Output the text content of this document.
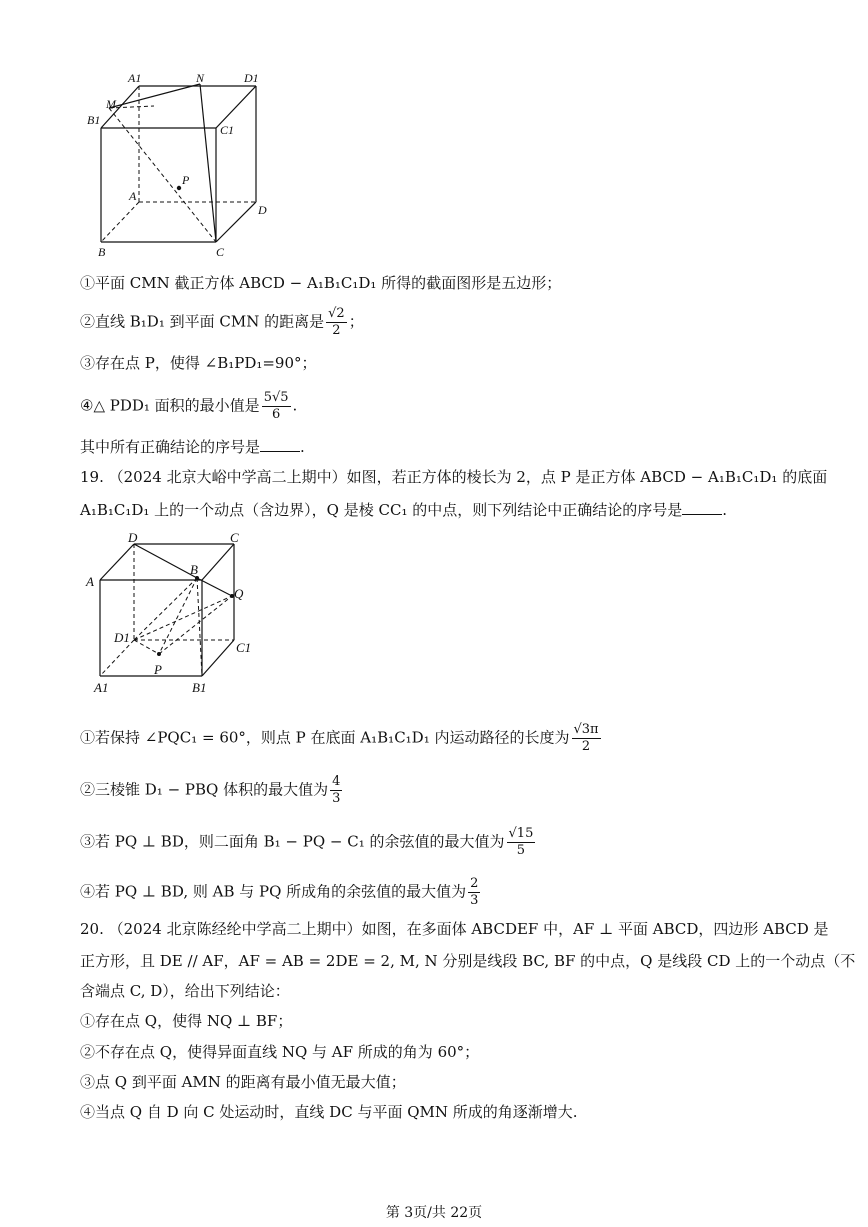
A1	N	D1
M
B1
C1
P
A
D
B	C
①平面 CMN 截正方体 ABCD − A₁B₁C₁D₁ 所得的截面图形是五边形；
②直线 B₁D₁ 到平面 CMN 的距离是 $\frac{√2}{2}$ ；
③存在点 P，使得 ∠B₁PD₁=90°；
④△ PDD₁ 面积的最小值是 $\frac{5√5}{6}$ .
其中所有正确结论的序号是	.
19. （2024 北京大峪中学高二上期中）如图，若正方体的棱长为 2，点 P 是正方体 ABCD − A₁B₁C₁D₁ 的底面
A₁B₁C₁D₁ 上的一个动点（含边界），Q 是棱 CC₁ 的中点，则下列结论中正确结论的序号是	.
D	C
A
B
Q
D1
C1
P
A1	B1
①若保持 ∠PQC₁ = 60°，则点 P 在底面 A₁B₁C₁D₁ 内运动路径的长度为 $\frac{√3\pi}{2}$
②三棱锥 D₁ − PBQ 体积的最大值为 $\frac{4}{3}$
③若 PQ ⊥ BD，则二面角 B₁ − PQ − C₁ 的余弦值的最大值为 $\frac{√15}{5}$
④若 PQ ⊥ BD, 则 AB 与 PQ 所成角的余弦值的最大值为 $\frac{2}{3}$
20. （2024 北京陈经纶中学高二上期中）如图，在多面体 ABCDEF 中，AF ⊥ 平面 ABCD，四边形 ABCD 是
正方形，且 DE // AF，AF = AB = 2DE = 2, M, N 分别是线段 BC, BF 的中点，Q 是线段 CD 上的一个动点（不
含端点 C, D），给出下列结论：
①存在点 Q，使得 NQ ⊥ BF；
②不存在点 Q，使得异面直线 NQ 与 AF 所成的角为 60°；
③点 Q 到平面 AMN 的距离有最小值无最大值；
④当点 Q 自 D 向 C 处运动时，直线 DC 与平面 QMN 所成的角逐渐增大.
第 3页/共 22页
